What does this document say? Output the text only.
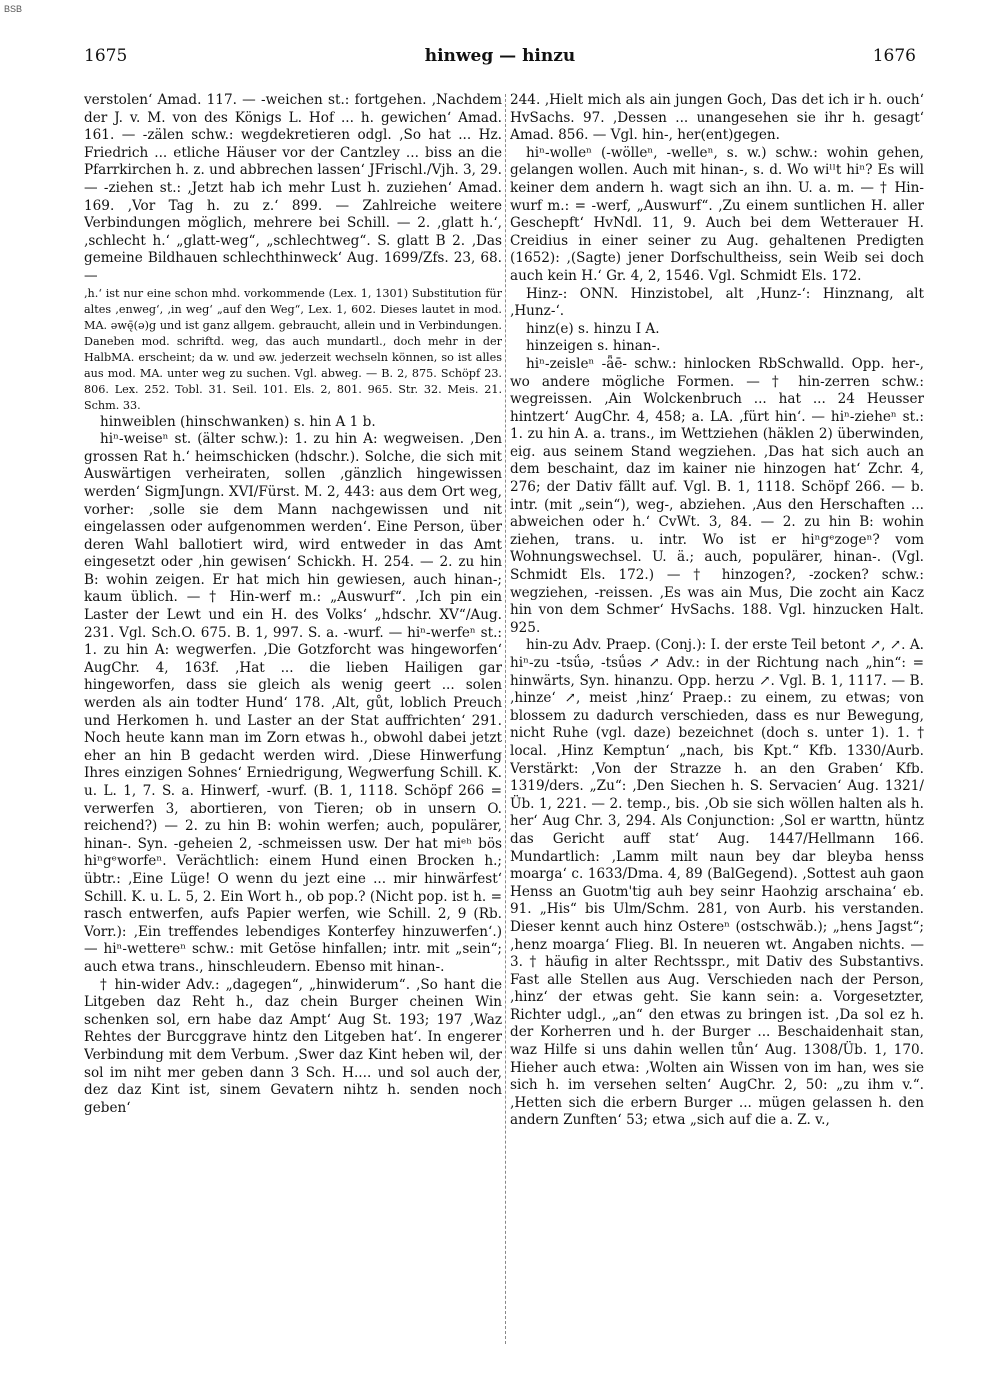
BSB
1675	hinweg — hinzu	1676

verstolen‘ Amad. 117. — -weichen st.: fortgehen. ‚Nachdem der J. v. M. von des Königs L. Hof ... h. gewichen‘ Amad. 161. — -zälen schw.: wegdekretieren odgl. ‚So hat ... Hz. Friedrich ... etliche Häuser vor der Cantzley ... biss an die Pfarrkirchen h. z. und abbrechen lassen‘ JFrischl./Vjh. 3, 29. — -ziehen st.: ‚Jetzt hab ich mehr Lust h. zuziehen‘ Amad. 169. ‚Vor Tag h. zu z.‘ 899. — Zahlreiche weitere Verbindungen möglich, mehrere bei Schill. — 2. ‚glatt h.‘, ‚schlecht h.‘ „glatt-weg“, „schlechtweg“. S. glatt B 2. ‚Das gemeine Bildhauen schlechthinweck‘ Aug. 1699/Zfs. 23, 68. —

‚h.‘ ist nur eine schon mhd. vorkommende (Lex. 1, 1301) Substitution für altes ‚enweg‘, ‚in weg‘ „auf den Weg“, Lex. 1, 602. Dieses lautet in mod. MA. əwę̄(ə)g und ist ganz allgem. gebraucht, allein und in Verbindungen. Daneben mod. schriftd. weg, das auch mundartl., doch mehr in der HalbMA. erscheint; da w. und əw. jederzeit wechseln können, so ist alles aus mod. MA. unter weg zu suchen. Vgl. abweg. — B. 2, 875. Schöpf 23. 806. Lex. 252. Tobl. 31. Seil. 101. Els. 2, 801. 965. Str. 32. Meis. 21. Schm. 33.

hinweiblen (hinschwanken) s. hin A 1 b.

hiⁿ-weiseⁿ st. (älter schw.): 1. zu hin A: wegweisen. ‚Den grossen Rat h.‘ heimschicken (hdschr.). Solche, die sich mit Auswärtigen verheiraten, sollen ‚gänzlich hingewissen werden‘ SigmJungn. XVI/Fürst. M. 2, 443: aus dem Ort weg, vorher: ‚solle sie dem Mann nachgewissen und nit eingelassen oder aufgenommen werden‘. Eine Person, über deren Wahl ballotiert wird, wird entweder in das Amt eingesetzt oder ‚hin gewisen‘ Schickh. H. 254. — 2. zu hin B: wohin zeigen. Er hat mich hin gewiesen, auch hinan-; kaum üblich. — † Hin-werf m.: „Auswurf“. ‚Ich pin ein Laster der Lewt und ein H. des Volks‘ „hdschr. XV“/Aug. 231. Vgl. Sch.O. 675. B. 1, 997. S. a. -wurf. — hiⁿ-werfeⁿ st.: 1. zu hin A: wegwerfen. ‚Die Gotzforcht was hingeworfen‘ AugChr. 4, 163f. ‚Hat ... die lieben Hailigen gar hingeworfen, dass sie gleich als wenig geert ... solen werden als ain todter Hund‘ 178. ‚Alt, gůt, loblich Preuch und Herkomen h. und Laster an der Stat auffrichten‘ 291. Noch heute kann man im Zorn etwas h., obwohl dabei jetzt eher an hin B gedacht werden wird. ‚Diese Hinwerfung Ihres einzigen Sohnes‘ Erniedrigung, Wegwerfung Schill. K. u. L. 1, 7. S. a. Hinwerf, -wurf. (B. 1, 1118. Schöpf 266 = verwerfen 3, abortieren, von Tieren; ob in unsern O. reichend?) — 2. zu hin B: wohin werfen; auch, populärer, hinan-. Syn. -geheien 2, -schmeissen usw. Der hat miᵉʰ bös hiⁿgᵉworfeⁿ. Verächtlich: einem Hund einen Brocken h.; übtr.: ‚Eine Lüge! O wenn du jezt eine ... mir hinwärfest‘ Schill. K. u. L. 5, 2. Ein Wort h., ob pop.? (Nicht pop. ist h. = rasch entwerfen, aufs Papier werfen, wie Schill. 2, 9 (Rb. Vorr.): ‚Ein treffendes lebendiges Konterfey hinzuwerfen‘.) — hiⁿ-wettereⁿ schw.: mit Getöse hinfallen; intr. mit „sein“; auch etwa trans., hinschleudern. Ebenso mit hinan-.

† hin-wider Adv.: „dagegen“, „hinwiderum“. ‚So hant die Litgeben daz Reht h., daz chein Burger cheinen Win schenken sol, ern habe daz Ampt‘ Aug St. 193; 197 ‚Waz Rehtes der Burcggrave hintz den Litgeben hat‘. In engerer Verbindung mit dem Verbum. ‚Swer daz Kint heben wil, der sol im niht mer geben dann 3 Sch. H.... und sol auch der, dez daz Kint ist, sinem Gevatern nihtz h. senden noch geben‘

244. ‚Hielt mich als ain jungen Goch, Das det ich ir h. ouch‘ HvSachs. 97. ‚Dessen ... unangesehen sie ihr h. gesagt‘ Amad. 856. — Vgl. hin-, her(ent)gegen.

hiⁿ-wolleⁿ (-wölleⁿ, -welleⁿ, s. w.) schw.: wohin gehen, gelangen wollen. Auch mit hinan-, s. d. Wo wiˡˡt hiⁿ? Es will keiner dem andern h. wagt sich an ihn. U. a. m. — † Hin-wurf m.: = -werf, „Auswurf“. ‚Zu einem suntlichen H. aller Geschepft‘ HvNdl. 11, 9. Auch bei dem Wetterauer H. Creidius in einer seiner zu Aug. gehaltenen Predigten (1652): ‚(Sagte) jener Dorfschultheiss, sein Weib sei doch auch kein H.‘ Gr. 4, 2, 1546. Vgl. Schmidt Els. 172.

Hinz-: ONN. Hinzistobel, alt ‚Hunz-‘: Hinznang, alt ‚Hunz-‘.

hinz(e) s. hinzu I A.

hinzeigen s. hinan-.

hiⁿ-zeisleⁿ -ǟē- schw.: hinlocken RbSchwalld. Opp. her-, wo andere mögliche Formen. — † hin-zerren schw.: wegreissen. ‚Ain Wolckenbruch ... hat ... 24 Heusser hintzert‘ AugChr. 4, 458; a. LA. ‚fürt hin‘. — hiⁿ-zieheⁿ st.: 1. zu hin A. a. trans., im Wettziehen (häklen 2) überwinden, eig. aus seinem Stand wegziehen. ‚Das hat sich auch an dem beschaint, daz im kainer nie hinzogen hat‘ Zchr. 4, 276; der Dativ fällt auf. Vgl. B. 1, 1118. Schöpf 266. — b. intr. (mit „sein“), weg-, abziehen. ‚Aus den Herschaften ... abweichen oder h.‘ CvWt. 3, 84. — 2. zu hin B: wohin ziehen, trans. u. intr. Wo ist er hiⁿgᵉzogeⁿ? vom Wohnungswechsel. U. ä.; auch, populärer, hinan-. (Vgl. Schmidt Els. 172.) — † hinzogen?, -zocken? schw.: wegziehen, -reissen. ‚Es was ain Mus, Die zocht ain Kacz hin von dem Schmer‘ HvSachs. 188. Vgl. hinzucken Halt. 925.

hin-zu Adv. Praep. (Conj.): I. der erste Teil betont ↗, ↗. A. hiⁿ-zu -tsǘə, -tsǘəs ↗ Adv.: in der Richtung nach „hin“: = hinwärts, Syn. hinanzu. Opp. herzu ↗. Vgl. B. 1, 1117. — B. ‚hinze‘ ↗, meist ‚hinz‘ Praep.: zu einem, zu etwas; von blossem zu dadurch verschieden, dass es nur Bewegung, nicht Ruhe (vgl. daze) bezeichnet (doch s. unter 1). 1. † local. ‚Hinz Kemptun‘ „nach, bis Kpt.“ Kfb. 1330/Aurb. Verstärkt: ‚Von der Strazze h. an den Graben‘ Kfb. 1319/ders. „Zu“: ‚Den Siechen h. S. Servacien‘ Aug. 1321/Üb. 1, 221. — 2. temp., bis. ‚Ob sie sich wöllen halten als h. her‘ Aug Chr. 3, 294. Als Conjunction: ‚Sol er warttn, hüntz das Gericht auff stat‘ Aug. 1447/Hellmann 166. Mundartlich: ‚Lamm milt naun bey dar bleyba henss moarga‘ c. 1633/Dma. 4, 89 (BalGegend). ‚Sottest auh gaon Henss an Guotm'tig auh bey seinr Haohzig arschaina‘ eb. 91. „His“ bis Ulm/Schm. 281, von Aurb. his verstanden. Dieser kennt auch hinz Ostereⁿ (ostschwäb.); „hens Jagst“; ‚henz moarga‘ Flieg. Bl. In neueren wt. Angaben nichts. — 3. † häufig in alter Rechtsspr., mit Dativ des Substantivs. Fast alle Stellen aus Aug. Verschieden nach der Person, ‚hinz‘ der etwas geht. Sie kann sein: a. Vorgesetzter, Richter udgl., „an“ den etwas zu bringen ist. ‚Da sol ez h. der Korherren und h. der Burger ... Beschaidenhait stan, waz Hilfe si uns dahin wellen tůn‘ Aug. 1308/Üb. 1, 170. Hieher auch etwa: ‚Wolten ain Wissen von im han, wes sie sich h. im versehen selten‘ AugChr. 2, 50: „zu ihm v.“. ‚Hetten sich die erbern Burger ... mügen gelassen h. den andern Zunften‘ 53; etwa „sich auf die a. Z. v.,
